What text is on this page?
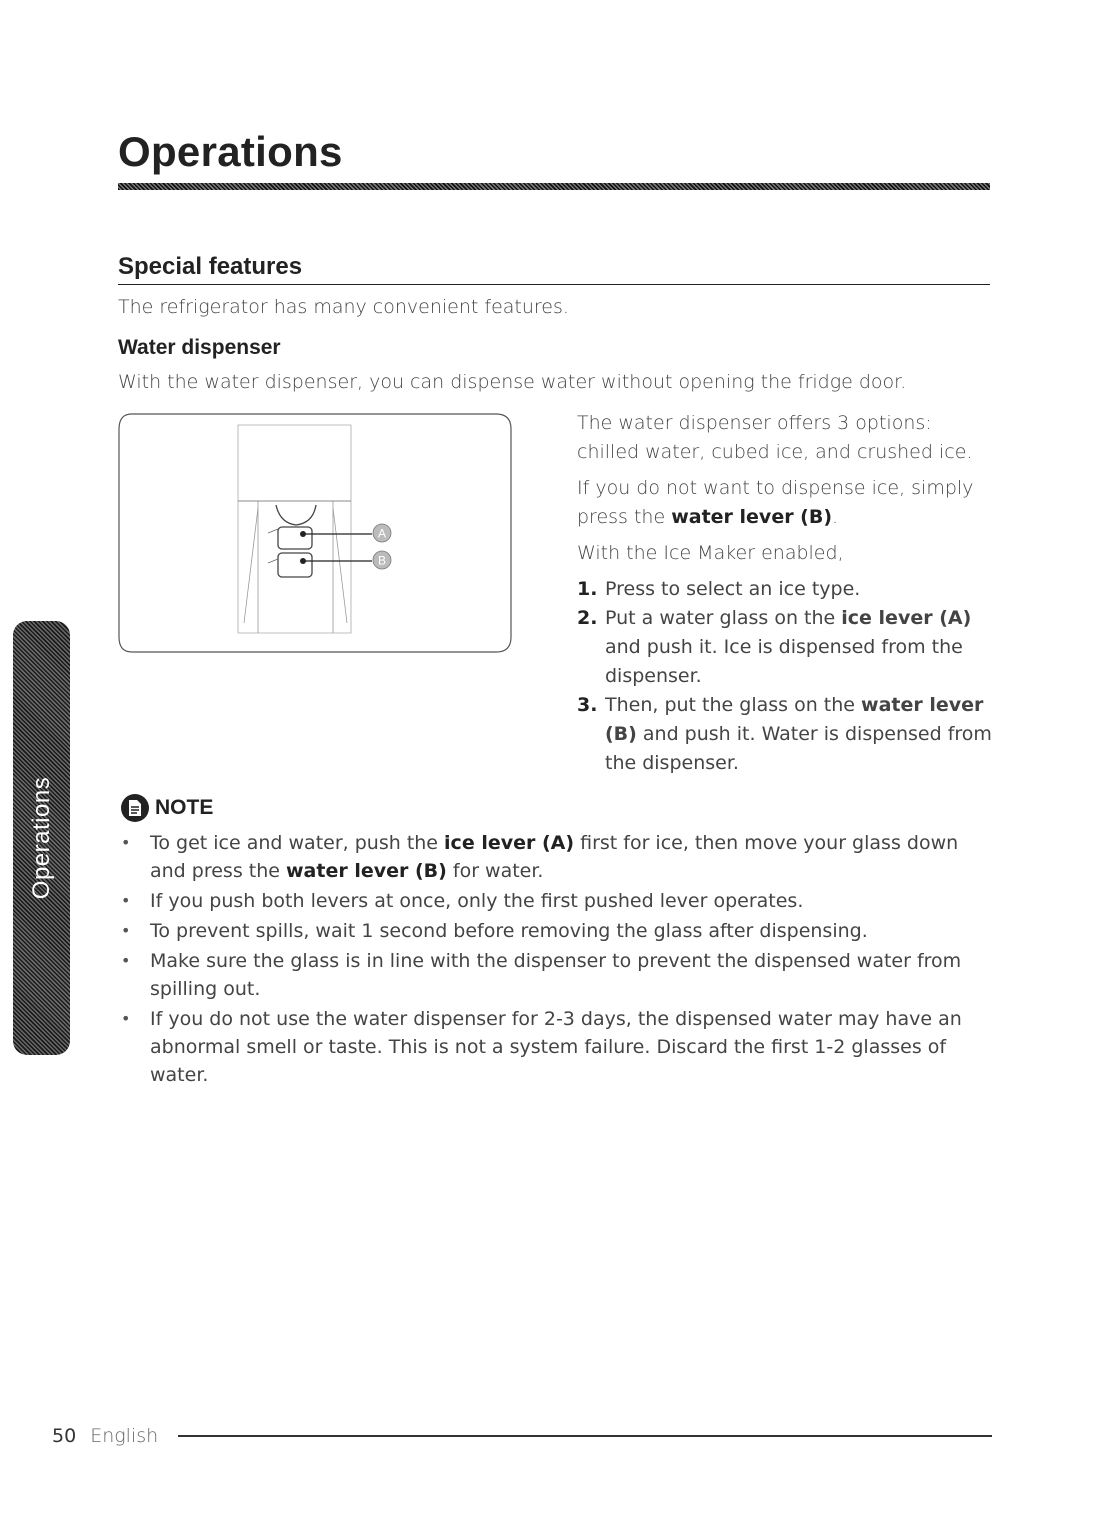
Operations
Special features
The refrigerator has many convenient features.
Water dispenser
With the water dispenser, you can dispense water without opening the fridge door.
A
B

The water dispenser offers 3 options: chilled water, cubed ice, and crushed ice.

If you do not want to dispense ice, simply press the water lever (B).

With the Ice Maker enabled,

1. Press to select an ice type.
2. Put a water glass on the ice lever (A) and push it. Ice is dispensed from the dispenser.
3. Then, put the glass on the water lever (B) and push it. Water is dispensed from the dispenser.
NOTE
• To get ice and water, push the ice lever (A) first for ice, then move your glass down and press the water lever (B) for water.
• If you push both levers at once, only the first pushed lever operates.
• To prevent spills, wait 1 second before removing the glass after dispensing.
• Make sure the glass is in line with the dispenser to prevent the dispensed water from spilling out.
• If you do not use the water dispenser for 2-3 days, the dispensed water may have an abnormal smell or taste. This is not a system failure. Discard the first 1-2 glasses of water.
Operations
50 English
